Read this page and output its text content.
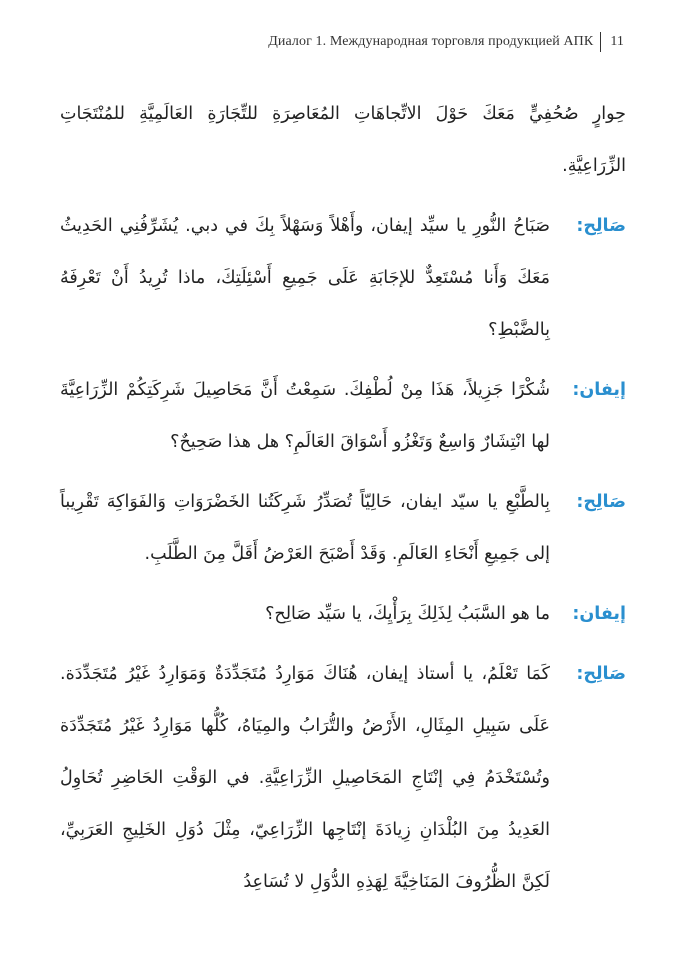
Диалог 1. Международная торговля продукцией АПК 11

حِوارٍ صُحُفِيٍّ مَعَكَ حَوْلَ الاتِّجاهَاتِ المُعَاصِرَةِ للتِّجَارَةِ العَالَمِيَّةِ للمُنْتَجَاتِ الزِّرَاعِيَّةِ.

صَالِح:
صَبَاحُ النُّورِ يا سيِّد إيفان، وأَهْلاً وَسَهْلاً بِكَ في دبي. يُشَرِّفُنِي الحَدِيثُ مَعَكَ وَأَنا مُسْتَعِدٌّ للإجَابَةِ عَلَى جَمِيعِ أَسْئِلَتِكَ، ماذا تُرِيدُ أَنْ تَعْرِفَهُ بِالضَّبْطِ؟
إيفان:
شُكْرًا جَزِيلاً، هَذَا مِنْ لُطْفِكَ. سَمِعْتُ أَنَّ مَحَاصِيلَ شَرِكَتِكُمْ الزِّرَاعِيَّةَ لها انْتِشَارٌ وَاسِعٌ وَتَغْزُو أَسْوَاقَ العَالَمِ؟ هل هذا صَحِيحٌ؟
صَالِح:
بِالطَّبْعِ يا سيّد ايفان، حَالِيّاً تُصَدِّرُ شَرِكَتُنا الخَضْرَوَاتِ وَالفَوَاكِهَ تَقْرِيباً إلى جَمِيعِ أَنْحَاءِ العَالَمِ. وَقَدْ أَصْبَحَ العَرْضُ أَقَلَّ مِنَ الطَّلَبِ.
إيفان:
ما هو السَّبَبُ لِذَلِكَ بِرَأْيِكَ، يا سَيِّد صَالِح؟
صَالِح:
كَمَا تَعْلَمُ، يا أستاذ إيفان، هُنَاكَ مَوَارِدُ مُتَجَدِّدَةٌ وَمَوَارِدُ غَيْرُ مُتَجَدِّدَة. عَلَى سَبِيلِ المِثَالِ، الأَرْضُ والتُّرَابُ والمِيَاهُ، كُلُّها مَوَارِدُ غَيْرُ مُتَجَدِّدَة وتُسْتَخْدَمُ فِي إنْتَاجِ المَحَاصِيلِ الزِّرَاعِيَّةِ. في الوَقْتِ الحَاضِرِ تُحَاوِلُ العَدِيدُ مِنَ البُلْدَانِ زِيادَةَ إنْتَاجِها الزِّرَاعِيّ، مِثْلَ دُوَلِ الخَلِيجِ العَرَبِيِّ، لَكِنَّ الظُّرُوفَ المَنَاخِيَّةَ لِهَذِهِ الدُّوَلِ لا تُسَاعِدُ
